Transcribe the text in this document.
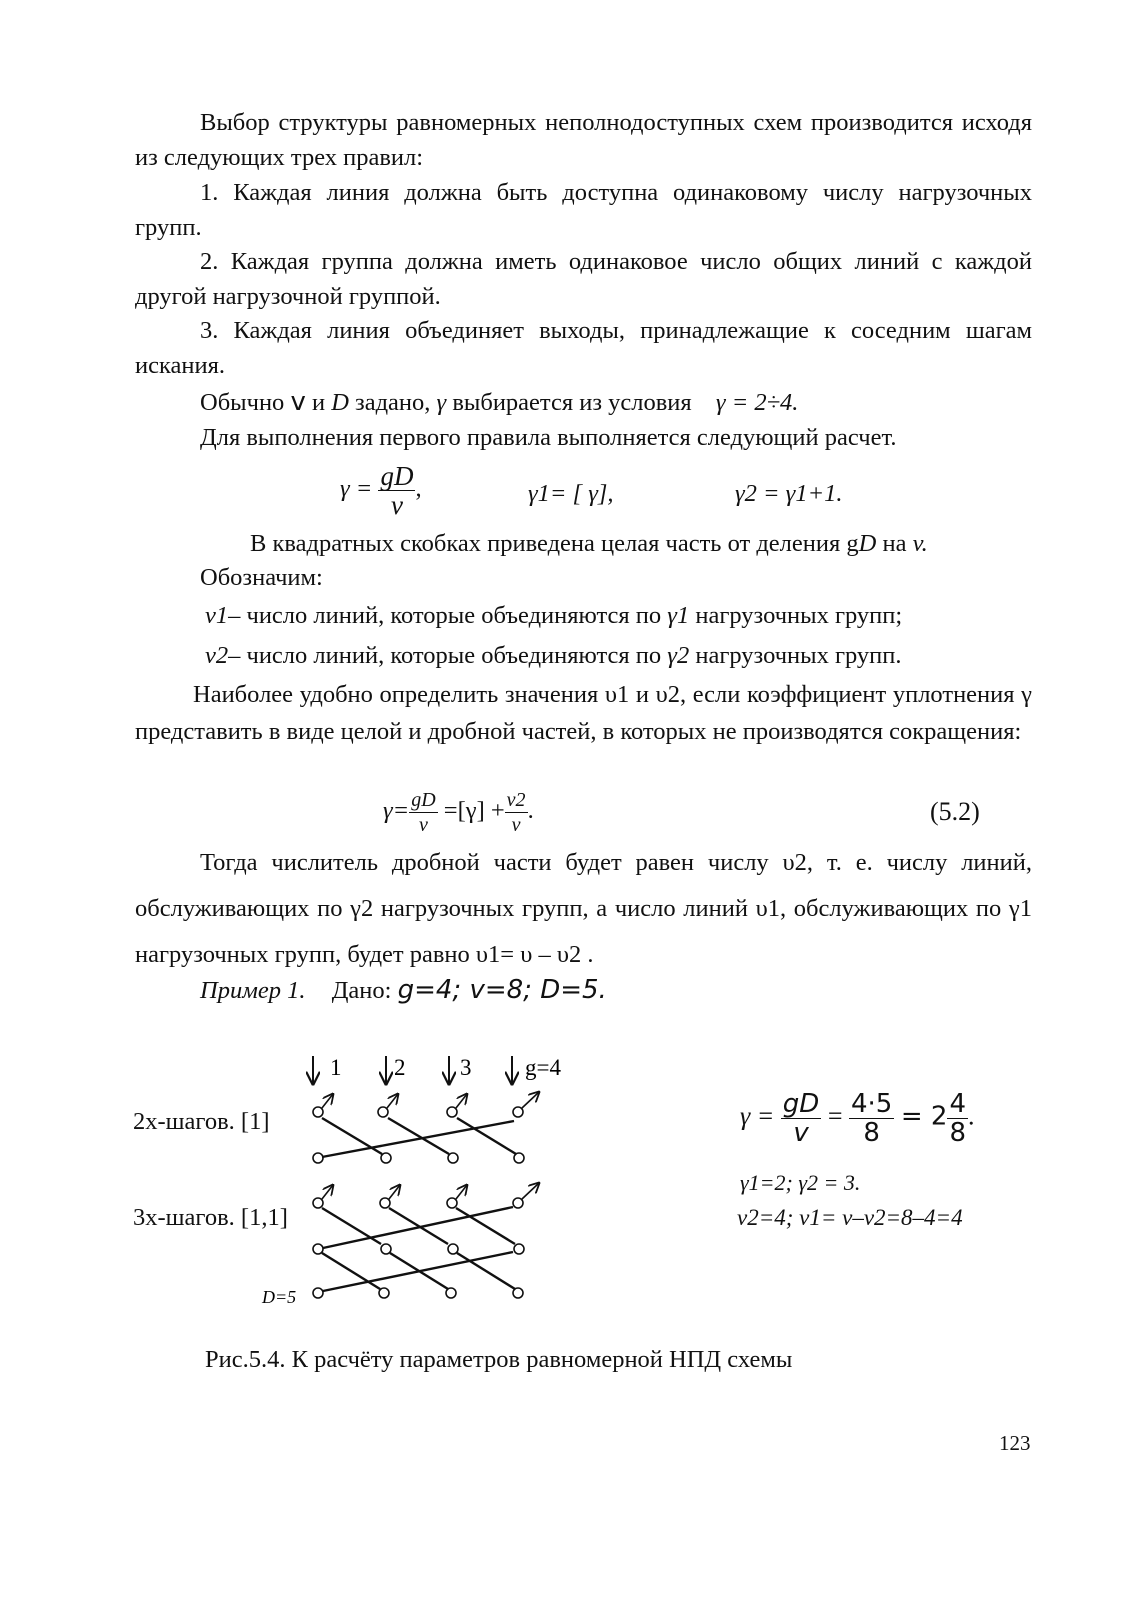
Выбор структуры равномерных неполнодоступных схем производится исходя из следующих трех правил:

1. Каждая линия должна быть доступна одинаковому числу нагрузочных групп.

2. Каждая группа должна иметь одинаковое число общих линий с каждой другой нагрузочной группой.

3. Каждая линия объединяет выходы, принадлежащие к соседним шагам искания.

Обычно v и D задано, γ выбирается из условия γ = 2÷4.
Для выполнения первого правила выполняется следующий расчет.
$\gamma = \frac{gD}{v}$ ,	γ1= [ γ],	γ2 = γ1+1.
В квадратных скобках приведена целая часть от деления gD на v.
Обозначим:
v1– число линий, которые объединяются по γ1 нагрузочных групп;
v2– число линий, которые объединяются по γ2 нагрузочных групп.

Наиболее удобно определить значения υ1 и υ2, если коэффициент уплотнения γ представить в виде целой и дробной частей, в которых не производятся сокращения:

$\gamma= \frac{gD}{v} =[\gamma] + \frac{v2}{v}$ .	(5.2)

Тогда числитель дробной части будет равен числу υ2, т. е. числу линий, обслуживающих по γ2 нагрузочных групп, а число линий υ1, обслуживающих по γ1 нагрузочных групп, будет равно υ1= υ – υ2 .

Пример 1. Дано: g=4; v=8; D=5.
1 2 3 g=4
D=5
2х-шагов. [1]
3х-шагов. [1,1]
$\gamma = \frac{gD}{v} = \frac{4\cdot 5}{8} = 2 \frac{4}{8}$ .
γ1=2; γ2 = 3.
v2=4; v1= v–v2=8–4=4
Рис.5.4. К расчёту параметров равномерной НПД схемы
123
